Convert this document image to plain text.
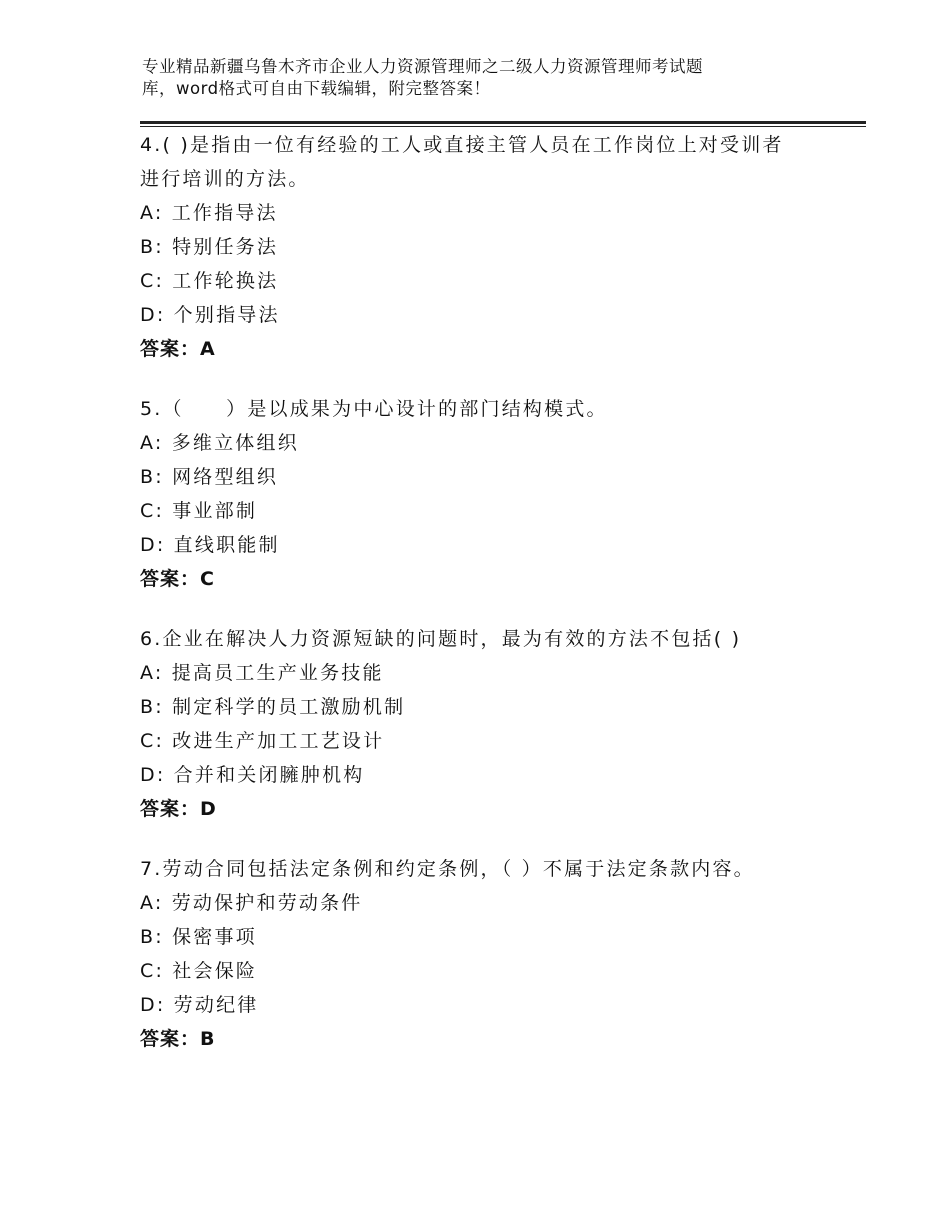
专业精品新疆乌鲁木齐市企业人力资源管理师之二级人力资源管理师考试题
库，word格式可自由下载编辑，附完整答案！
4.( )是指由一位有经验的工人或直接主管人员在工作岗位上对受训者
进行培训的方法。
A: 工作指导法
B: 特别任务法
C: 工作轮换法
D: 个别指导法
答案：A
5.（　　）是以成果为中心设计的部门结构模式。
A: 多维立体组织
B: 网络型组织
C: 事业部制
D: 直线职能制
答案：C
6.企业在解决人力资源短缺的问题时，最为有效的方法不包括( )
A: 提高员工生产业务技能
B: 制定科学的员工激励机制
C: 改进生产加工工艺设计
D: 合并和关闭臃肿机构
答案：D
7.劳动合同包括法定条例和约定条例，（ ）不属于法定条款内容。
A: 劳动保护和劳动条件
B: 保密事项
C: 社会保险
D: 劳动纪律
答案：B
